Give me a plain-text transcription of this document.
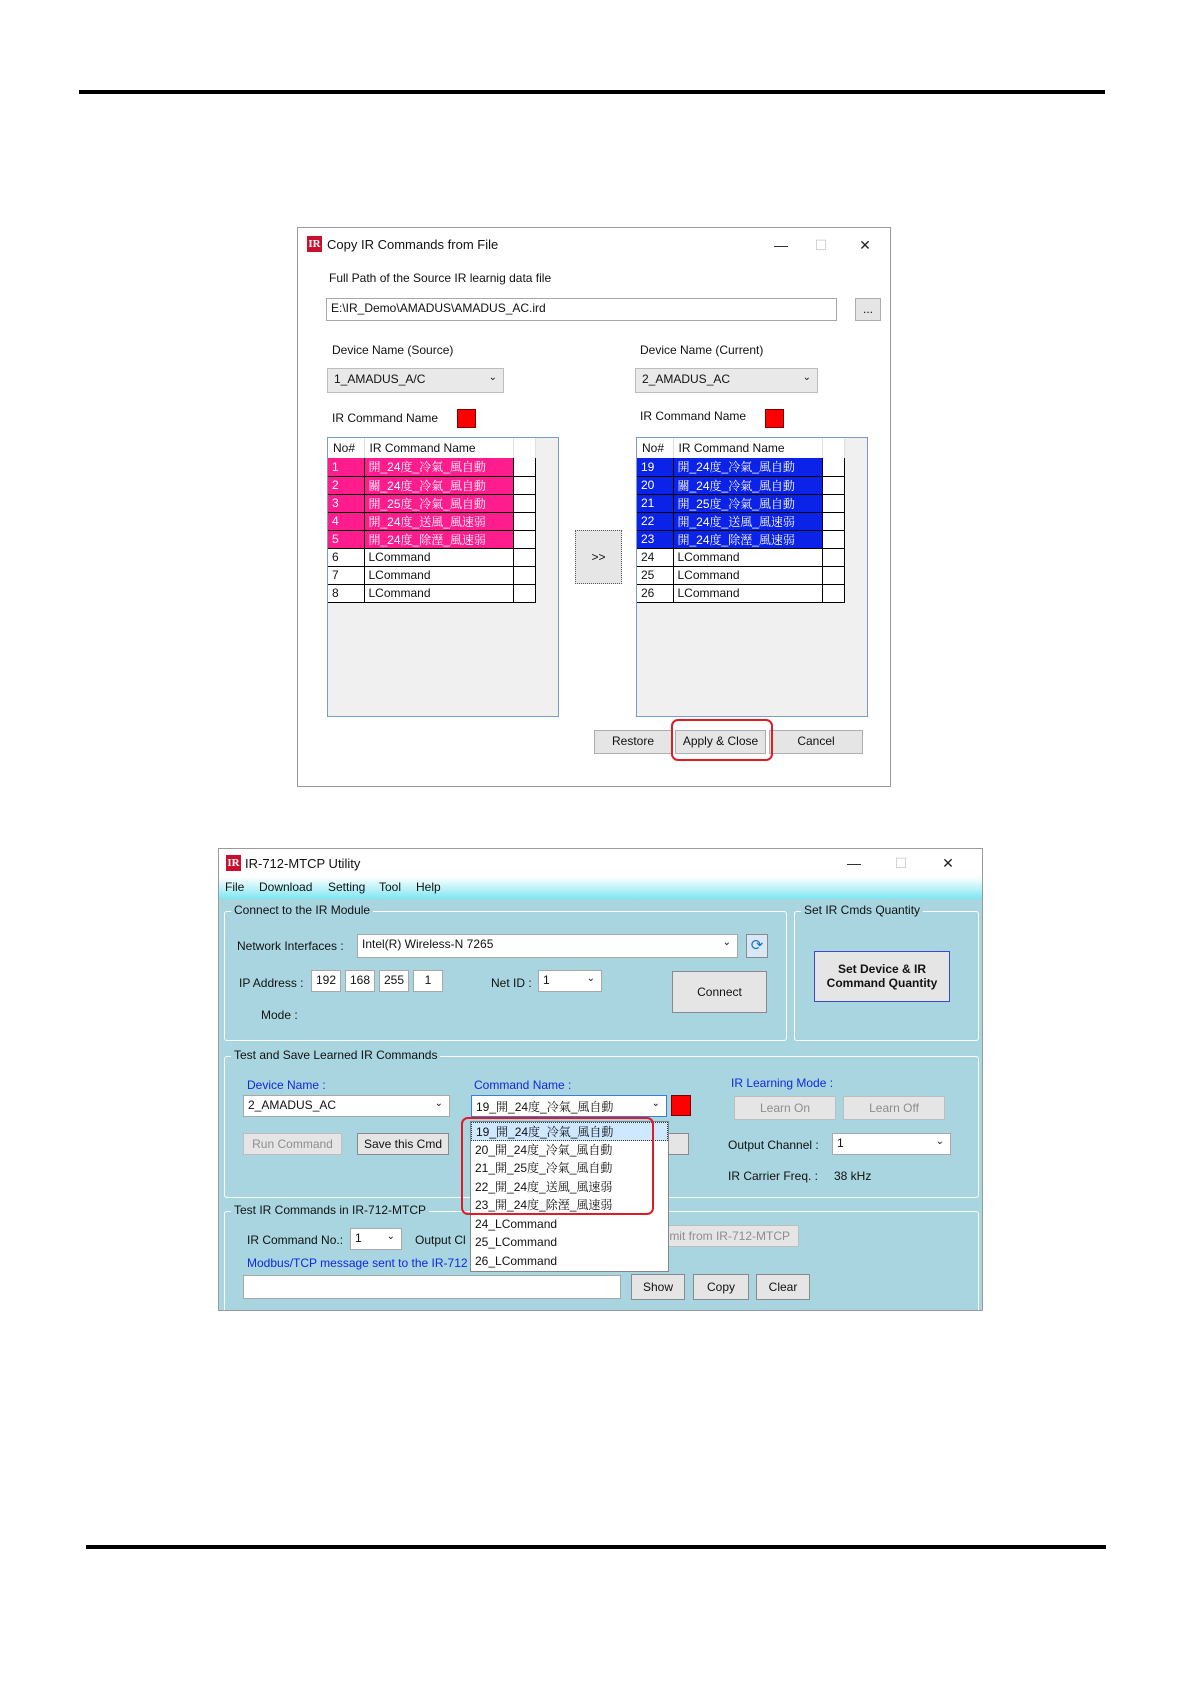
IR Copy IR Commands from File	—	☐	✕
Full Path of the Source IR learnig data file
E:\IR_Demo\AMADUS\AMADUS_AC.ird	...
Device Name (Source)
1_AMADUS_A/C	⌄
Device Name (Current)
2_AMADUS_AC	⌄
IR Command Name	IR Command Name
No#	IR Command Name	
1	開_24度_冷氣_風自動	
2	關_24度_冷氣_風自動	
3	開_25度_冷氣_風自動	
4	開_24度_送風_風速弱	
5	開_24度_除溼_風速弱	
6	LCommand	
7	LCommand	
8	LCommand	
>>
No#	IR Command Name	
19	開_24度_冷氣_風自動	
20	關_24度_冷氣_風自動	
21	開_25度_冷氣_風自動	
22	開_24度_送風_風速弱	
23	開_24度_除溼_風速弱	
24	LCommand	
25	LCommand	
26	LCommand	
Restore	Apply & Close	Cancel
IR IR-712-MTCP Utility	—	☐	✕
File Download Setting Tool Help
Connect to the IR Module
Network Interfaces :	Intel(R) Wireless-N 7265	⌄	⟳
IP Address :	192	168	255	1	Net ID : 1	⌄
Mode :
Connect
Set IR Cmds Quantity
Set Device & IR Command Quantity
Test and Save Learned IR Commands
Device Name :
2_AMADUS_AC	⌄
Command Name :
19_開_24度_冷氣_風自動	⌄
IR Learning Mode :
Learn On	Learn Off
Run Command	Save this Cmd	Output Channel :	1	⌄
IR Carrier Freq. : 38 kHz
Test IR Commands in IR-712-MTCP
IR Command No.: 1 ⌄ Output Cl	mit from IR-712-MTCP
Modbus/TCP message sent to the IR-712
Show	Copy	Clear
19_開_24度_冷氣_風自動
20_開_24度_冷氣_風自動
21_開_25度_冷氣_風自動
22_開_24度_送風_風速弱
23_開_24度_除溼_風速弱
24_LCommand
25_LCommand
26_LCommand
